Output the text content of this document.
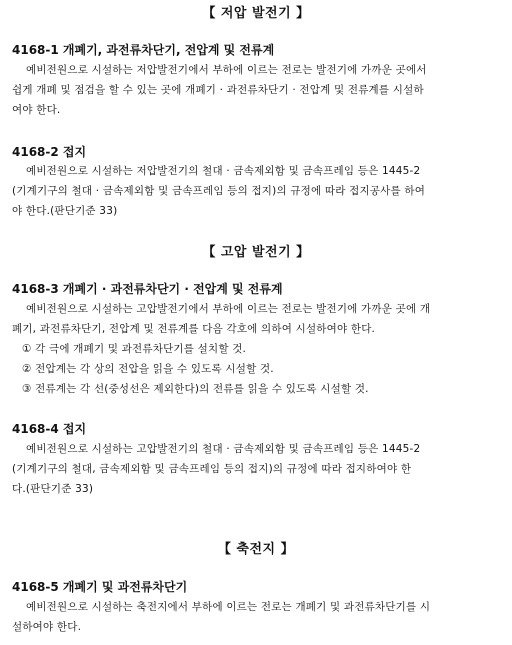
【 저압 발전기 】
4168-1 개폐기, 과전류차단기, 전압계 및 전류계
예비전원으로 시설하는 저압발전기에서 부하에 이르는 전로는 발전기에 가까운 곳에서
쉽게 개폐 및 점검을 할 수 있는 곳에 개폐기 · 과전류차단기 · 전압계 및 전류계를 시설하
여야 한다.
4168-2 접지
예비전원으로 시설하는 저압발전기의 철대 · 금속제외함 및 금속프레임 등은 1445-2
(기계기구의 철대 · 금속제외함 및 금속프레임 등의 접지)의 규정에 따라 접지공사를 하여
야 한다.(판단기준 33)
【 고압 발전기 】
4168-3 개폐기 · 과전류차단기 · 전압계 및 전류계
예비전원으로 시설하는 고압발전기에서 부하에 이르는 전로는 발전기에 가까운 곳에 개
폐기, 과전류차단기, 전압계 및 전류계를 다음 각호에 의하여 시설하여야 한다.
① 각 극에 개폐기 및 과전류차단기를 설치할 것.
② 전압계는 각 상의 전압을 읽을 수 있도록 시설할 것.
③ 전류계는 각 선(중성선은 제외한다)의 전류를 읽을 수 있도록 시설할 것.
4168-4 접지
예비전원으로 시설하는 고압발전기의 철대 · 금속제외함 및 금속프레임 등은 1445-2
(기계기구의 철대, 금속제외함 및 금속프레임 등의 접지)의 규정에 따라 접지하여야 한
다.(판단기준 33)
【 축전지 】
4168-5 개폐기 및 과전류차단기
예비전원으로 시설하는 축전지에서 부하에 이르는 전로는 개폐기 및 과전류차단기를 시
설하여야 한다.
